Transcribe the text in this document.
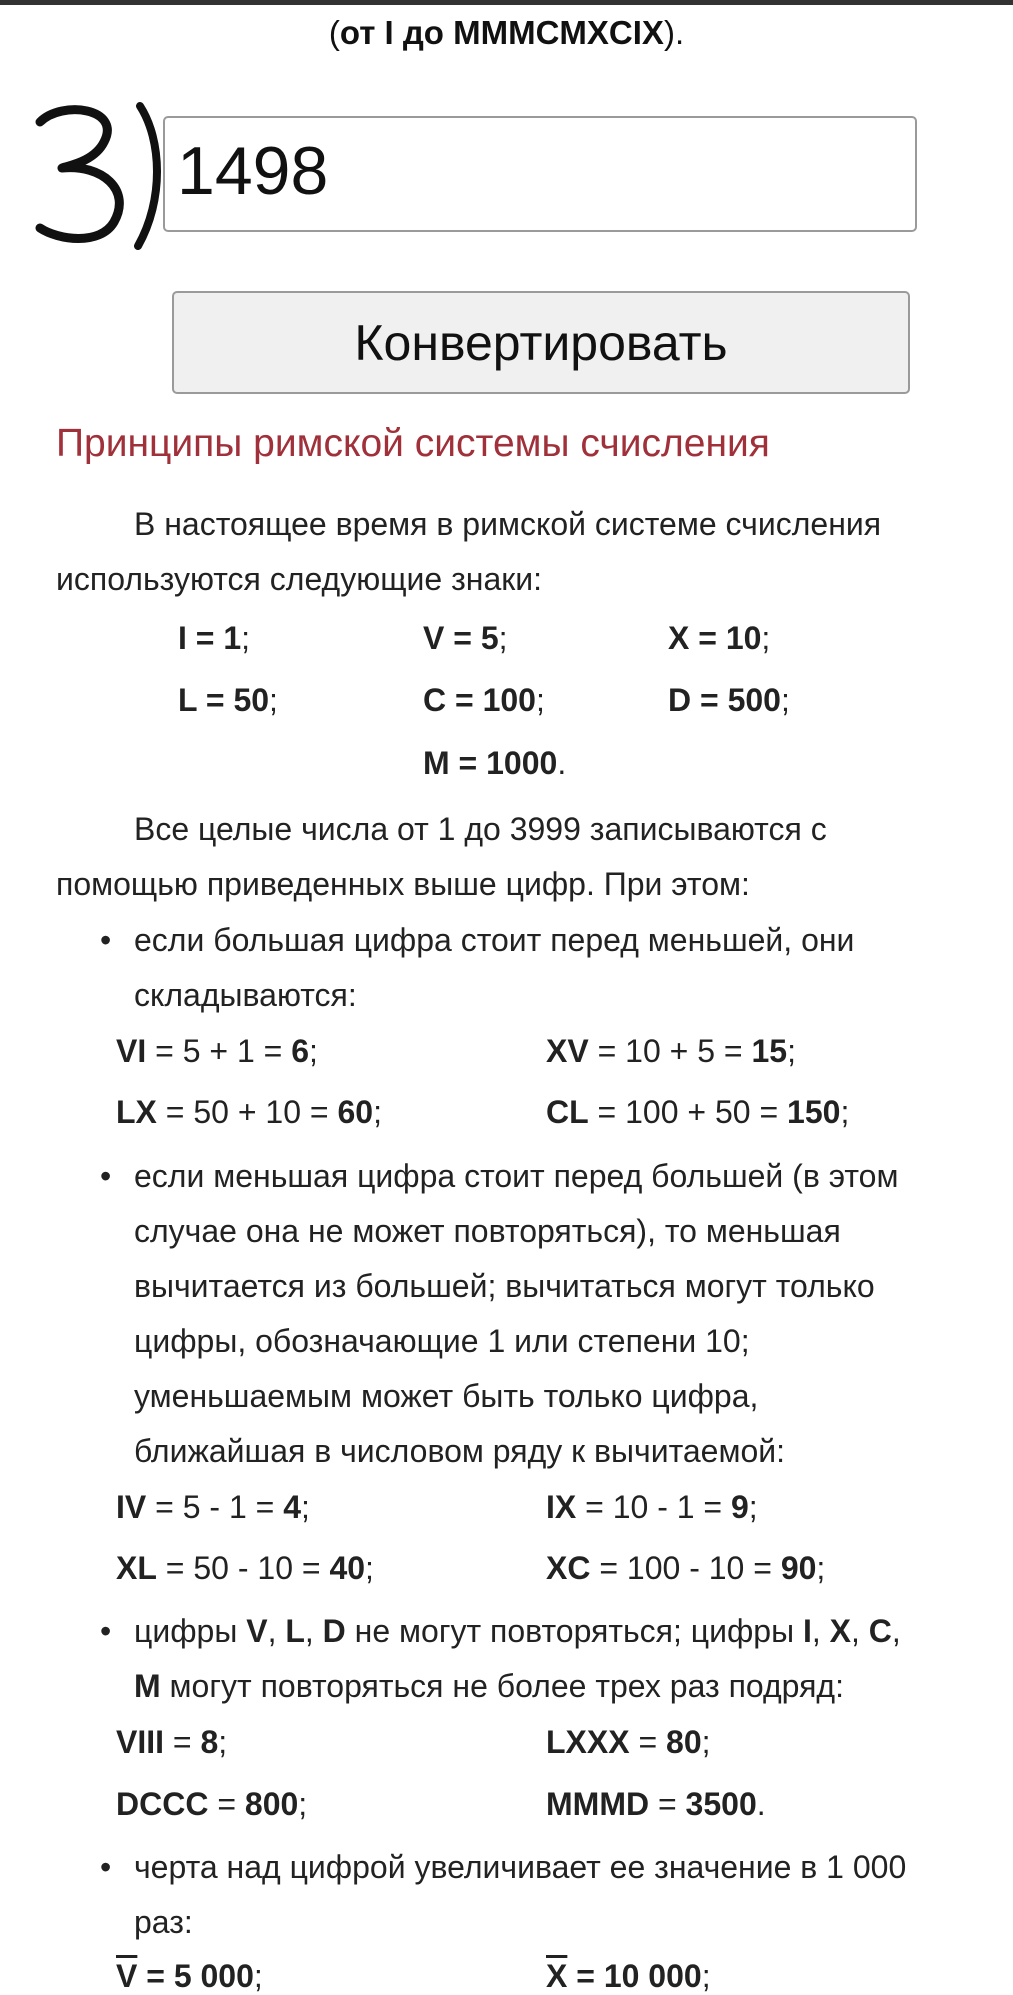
(от I до MMMCMXCIX).
1498
Конвертировать
Принципы римской системы счисления
В настоящее время в римской системе счисления
используются следующие знаки:
I = 1;	V = 5;	X = 10;
L = 50;	C = 100;	D = 500;
M = 1000.
Все целые числа от 1 до 3999 записываются с
помощью приведенных выше цифр. При этом:
• если большая цифра стоит перед меньшей, они
складываются:
VI = 5 + 1 = 6;	XV = 10 + 5 = 15;
LX = 50 + 10 = 60;	CL = 100 + 50 = 150;
• если меньшая цифра стоит перед большей (в этом
случае она не может повторяться), то меньшая
вычитается из большей; вычитаться могут только
цифры, обозначающие 1 или степени 10;
уменьшаемым может быть только цифра,
ближайшая в числовом ряду к вычитаемой:
IV = 5 - 1 = 4;	IX = 10 - 1 = 9;
XL = 50 - 10 = 40;	XC = 100 - 10 = 90;
• цифры V, L, D не могут повторяться; цифры I, X, C,
M могут повторяться не более трех раз подряд:
VIII = 8;	LXXX = 80;
DCCC = 800;	MMMD = 3500.
• черта над цифрой увеличивает ее значение в 1 000
раз:
$\overline{V} = 5$ 000;	$\overline{X} = 10$ 000;
